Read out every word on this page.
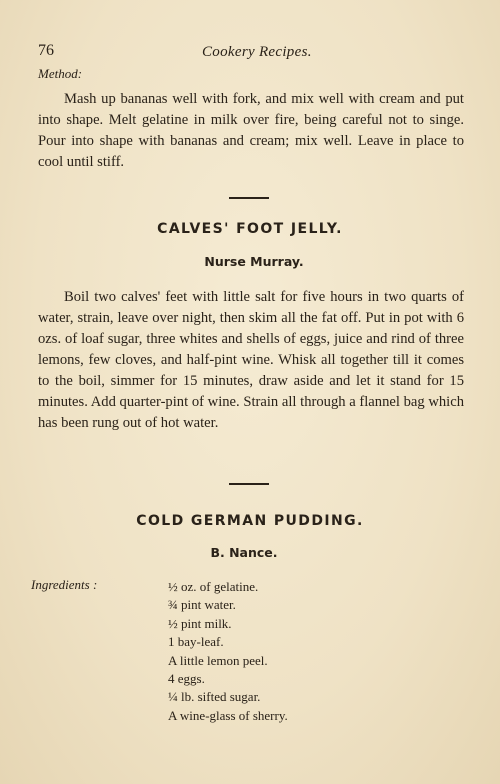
76	Cookery Recipes.
Method:

Mash up bananas well with fork, and mix well with cream and put into shape. Melt gelatine in milk over fire, being careful not to singe. Pour into shape with bananas and cream; mix well. Leave in place to cool until stiff.

CALVES' FOOT JELLY.
Nurse Murray.

Boil two calves' feet with little salt for five hours in two quarts of water, strain, leave over night, then skim all the fat off. Put in pot with 6 ozs. of loaf sugar, three whites and shells of eggs, juice and rind of three lemons, few cloves, and half-pint wine. Whisk all together till it comes to the boil, simmer for 15 minutes, draw aside and let it stand for 15 minutes. Add quarter-pint of wine. Strain all through a flannel bag which has been rung out of hot water.

COLD GERMAN PUDDING.
B. Nance.
Ingredients :	½ oz. of gelatine.
¾ pint water.
½ pint milk.
1 bay-leaf.
A little lemon peel.
4 eggs.
¼ lb. sifted sugar.
A wine-glass of sherry.
